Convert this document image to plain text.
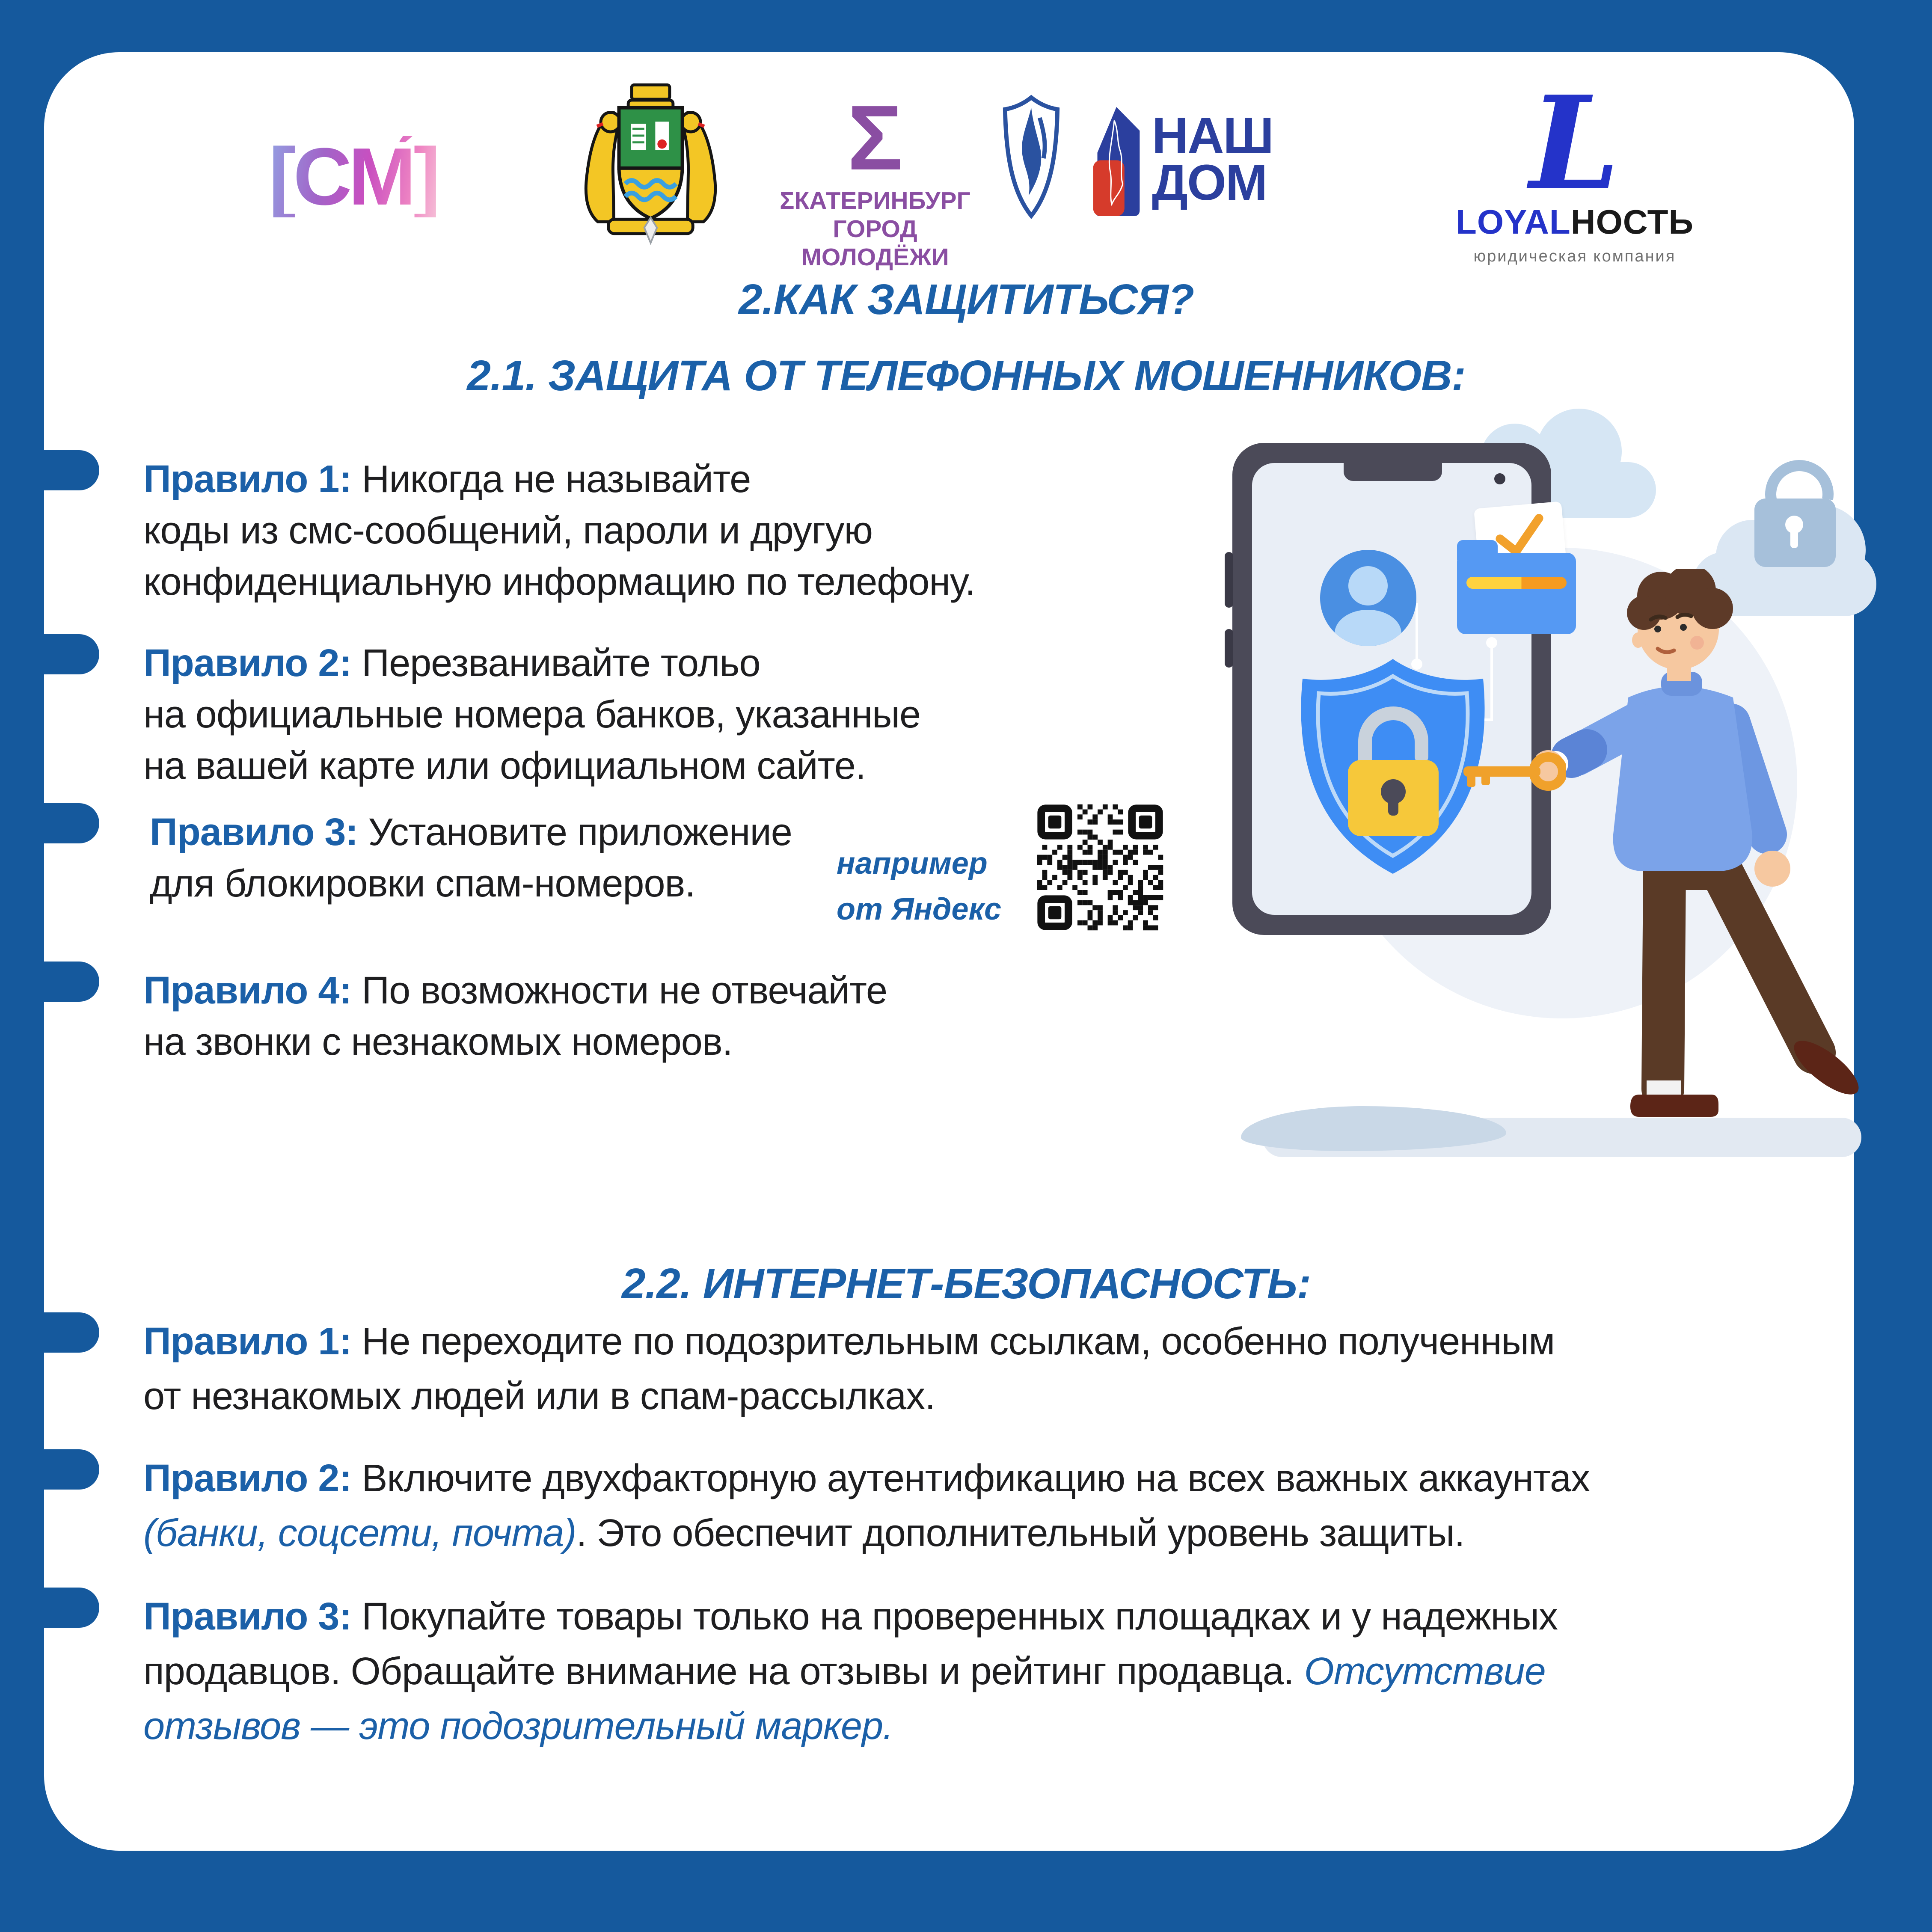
[СМ́]	Σ
ΣКАТЕРИНБУРГ
ГОРОД МОЛОДЁЖИ
НАШ
ДОМ	L
LOYALНОСТЬ
юридическая компания
2.КАК ЗАЩИТИТЬСЯ?
2.1. ЗАЩИТА ОТ ТЕЛЕФОННЫХ МОШЕННИКОВ:
Правило 1: Никогда не называйте
коды из смс-сообщений, пароли и другую
конфиденциальную информацию по телефону.
Правило 2: Перезванивайте тольо
на официальные номера банков, указанные
на вашей карте или официальном сайте.
Правило 3: Установите приложение
для блокировки спам-номеров.	например
от Яндекс
Правило 4: По возможности не отвечайте
на звонки с незнакомых номеров.
2.2. ИНТЕРНЕТ-БЕЗОПАСНОСТЬ:
Правило 1: Не переходите по подозрительным ссылкам, особенно полученным
от незнакомых людей или в спам-рассылках.
Правило 2: Включите двухфакторную аутентификацию на всех важных аккаунтах
(банки, соцсети, почта). Это обеспечит дополнительный уровень защиты.
Правило 3: Покупайте товары только на проверенных площадках и у надежных
продавцов. Обращайте внимание на отзывы и рейтинг продавца. Отсутствие
отзывов — это подозрительный маркер.
